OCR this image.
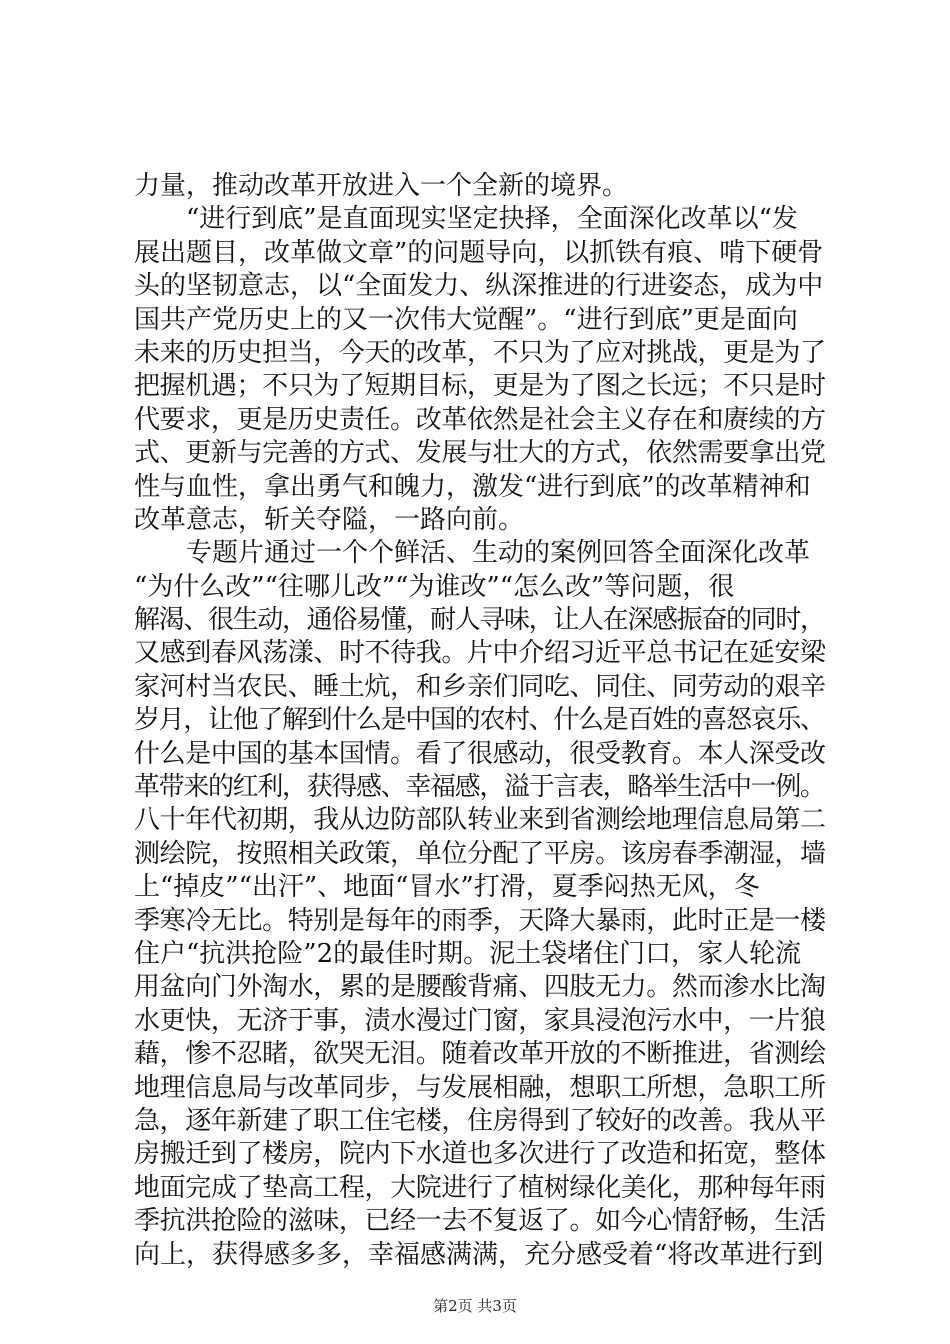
力量，推动改革开放进入一个全新的境界。
　　“进行到底”是直面现实坚定抉择，全面深化改革以“发
展出题目，改革做文章”的问题导向，以抓铁有痕、啃下硬骨
头的坚韧意志，以“全面发力、纵深推进的行进姿态，成为中
国共产党历史上的又一次伟大觉醒”。“进行到底”更是面向
未来的历史担当，今天的改革，不只为了应对挑战，更是为了
把握机遇；不只为了短期目标，更是为了图之长远；不只是时
代要求，更是历史责任。改革依然是社会主义存在和赓续的方
式、更新与完善的方式、发展与壮大的方式，依然需要拿出党
性与血性，拿出勇气和魄力，激发“进行到底”的改革精神和
改革意志，斩关夺隘，一路向前。
　　专题片通过一个个鲜活、生动的案例回答全面深化改革
“为什么改”“往哪儿改”“为谁改”“怎么改”等问题，很
解渴、很生动，通俗易懂，耐人寻味，让人在深感振奋的同时，
又感到春风荡漾、时不待我。片中介绍习近平总书记在延安梁
家河村当农民、睡土炕，和乡亲们同吃、同住、同劳动的艰辛
岁月，让他了解到什么是中国的农村、什么是百姓的喜怒哀乐、
什么是中国的基本国情。看了很感动，很受教育。本人深受改
革带来的红利，获得感、幸福感，溢于言表，略举生活中一例。
八十年代初期，我从边防部队转业来到省测绘地理信息局第二
测绘院，按照相关政策，单位分配了平房。该房春季潮湿，墙
上“掉皮”“出汗”、地面“冒水”打滑，夏季闷热无风，冬
季寒冷无比。特别是每年的雨季，天降大暴雨，此时正是一楼
住户“抗洪抢险”2的最佳时期。泥土袋堵住门口，家人轮流
用盆向门外淘水，累的是腰酸背痛、四肢无力。然而渗水比淘
水更快，无济于事，渍水漫过门窗，家具浸泡污水中，一片狼
藉，惨不忍睹，欲哭无泪。随着改革开放的不断推进，省测绘
地理信息局与改革同步，与发展相融，想职工所想，急职工所
急，逐年新建了职工住宅楼，住房得到了较好的改善。我从平
房搬迁到了楼房，院内下水道也多次进行了改造和拓宽，整体
地面完成了垫高工程，大院进行了植树绿化美化，那种每年雨
季抗洪抢险的滋味，已经一去不复返了。如今心情舒畅，生活
向上，获得感多多，幸福感满满，充分感受着“将改革进行到
第2页 共3页
